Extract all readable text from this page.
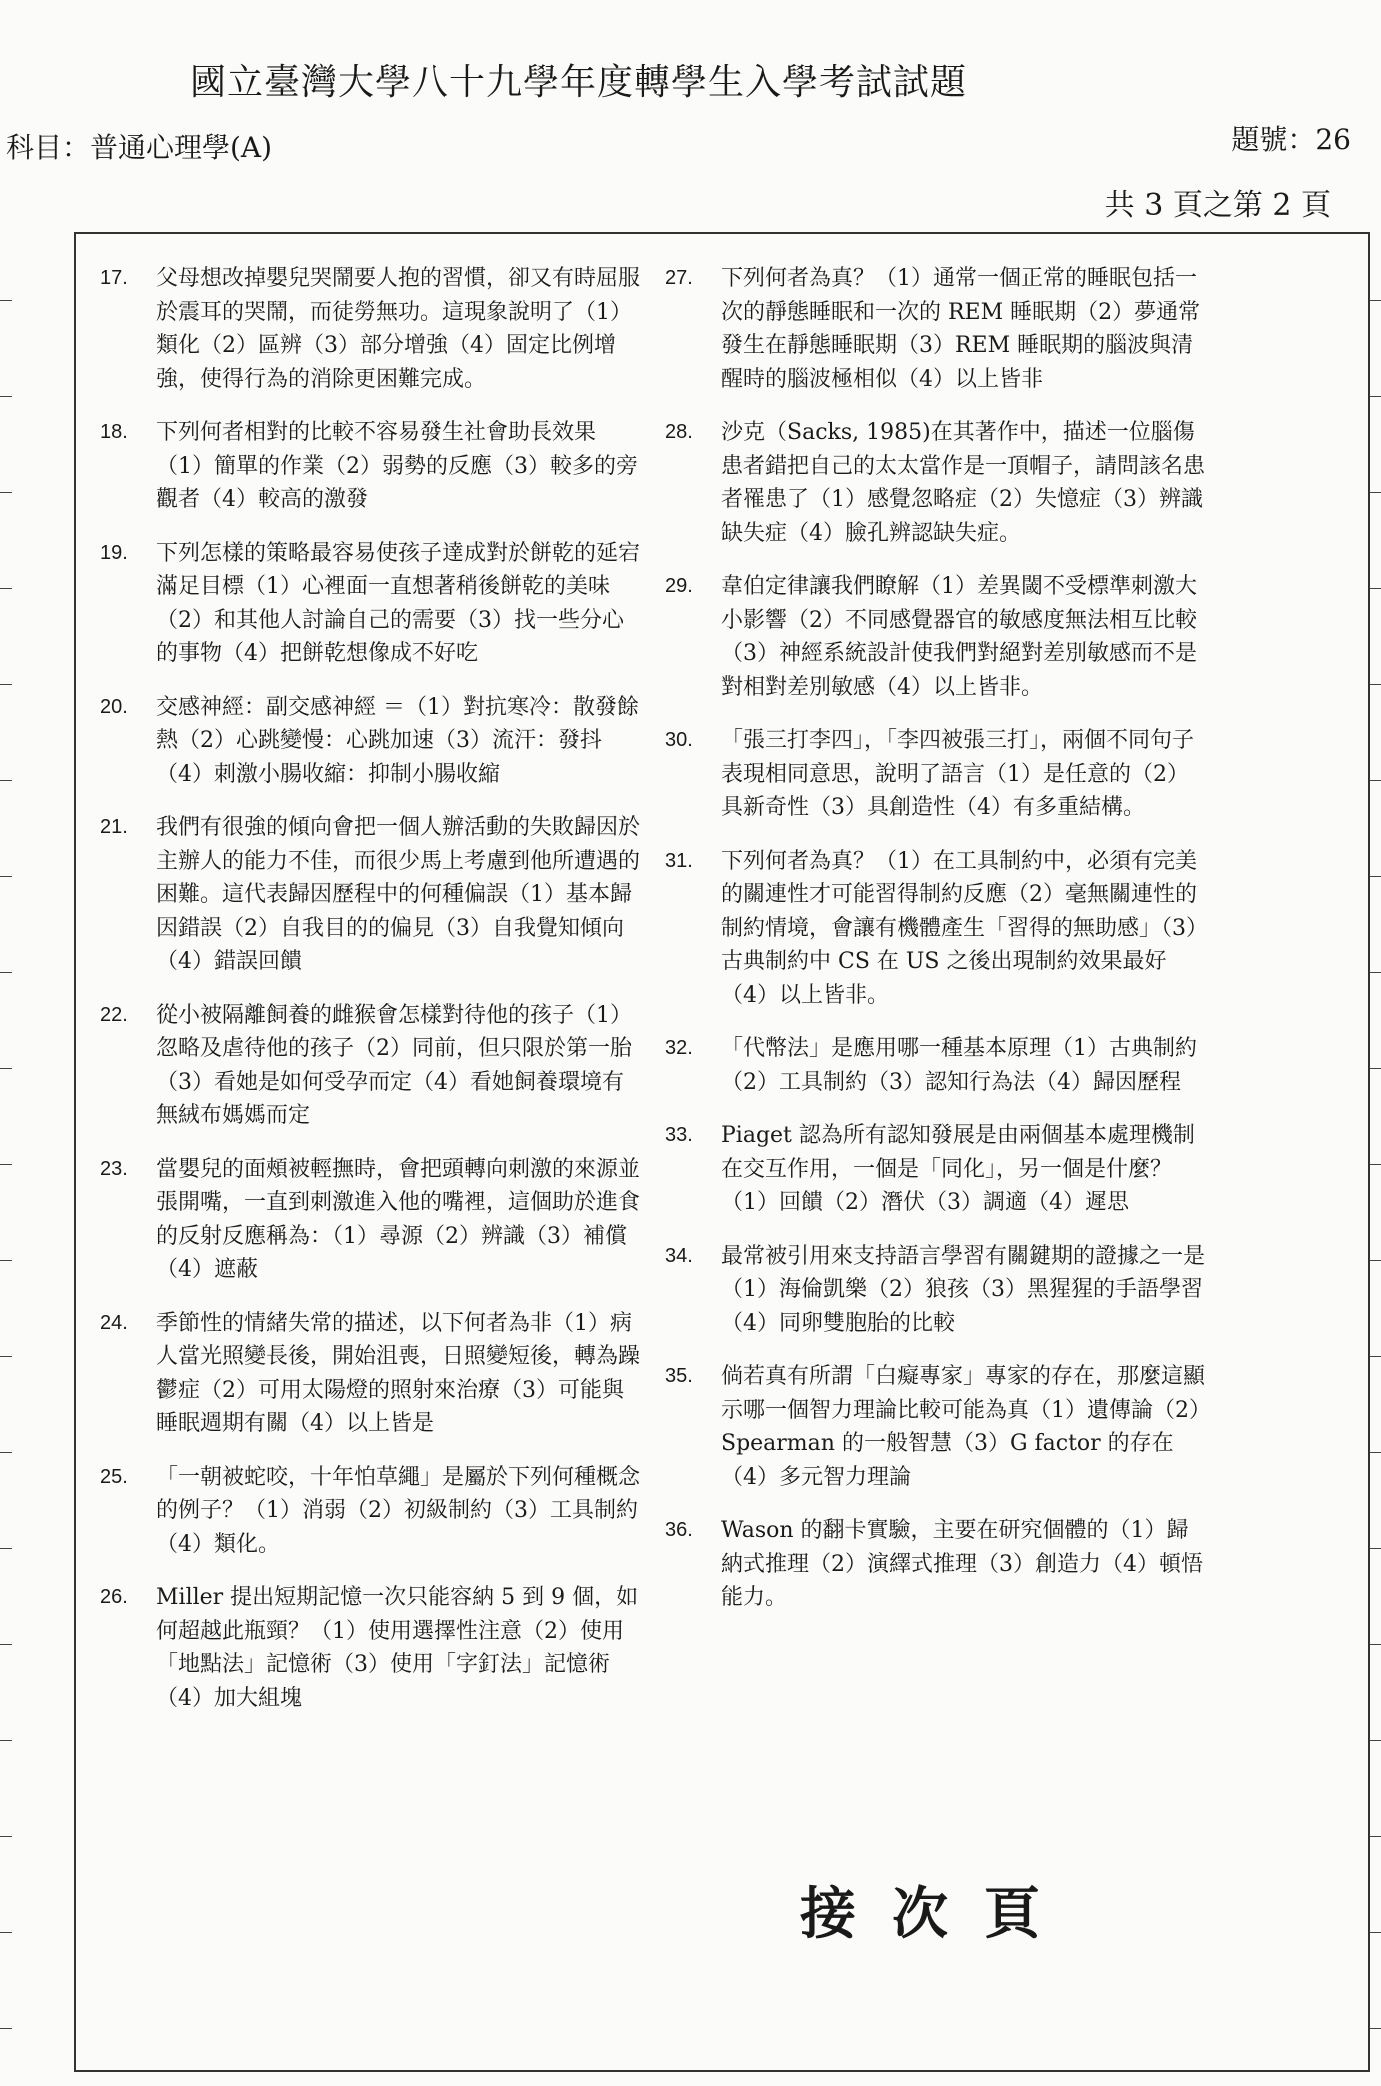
國立臺灣大學八十九學年度轉學生入學考試試題
科目：普通心理學(A)	題號：26
共 3 頁之第 2 頁
17. 父母想改掉嬰兒哭鬧要人抱的習慣，卻又有時屈服於震耳的哭鬧，而徒勞無功。這現象說明了（1）類化（2）區辨（3）部分增強（4）固定比例增強，使得行為的消除更困難完成。
18. 下列何者相對的比較不容易發生社會助長效果（1）簡單的作業（2）弱勢的反應（3）較多的旁觀者（4）較高的激發
19. 下列怎樣的策略最容易使孩子達成對於餅乾的延宕滿足目標（1）心裡面一直想著稍後餅乾的美味（2）和其他人討論自己的需要（3）找一些分心的事物（4）把餅乾想像成不好吃
20. 交感神經：副交感神經 ＝（1）對抗寒冷：散發餘熱（2）心跳變慢：心跳加速（3）流汗：發抖（4）刺激小腸收縮：抑制小腸收縮
21. 我們有很強的傾向會把一個人辦活動的失敗歸因於主辦人的能力不佳，而很少馬上考慮到他所遭遇的困難。這代表歸因歷程中的何種偏誤（1）基本歸因錯誤（2）自我目的的偏見（3）自我覺知傾向（4）錯誤回饋
22. 從小被隔離飼養的雌猴會怎樣對待他的孩子（1）忽略及虐待他的孩子（2）同前，但只限於第一胎（3）看她是如何受孕而定（4）看她飼養環境有無絨布媽媽而定
23. 當嬰兒的面頰被輕撫時，會把頭轉向刺激的來源並張開嘴，一直到刺激進入他的嘴裡，這個助於進食的反射反應稱為：（1）尋源（2）辨識（3）補償（4）遮蔽
24. 季節性的情緒失常的描述，以下何者為非（1）病人當光照變長後，開始沮喪，日照變短後，轉為躁鬱症（2）可用太陽燈的照射來治療（3）可能與睡眠週期有關（4）以上皆是
25. 「一朝被蛇咬，十年怕草繩」是屬於下列何種概念的例子？（1）消弱（2）初級制約（3）工具制約（4）類化。
26. Miller 提出短期記憶一次只能容納 5 到 9 個，如何超越此瓶頸？（1）使用選擇性注意（2）使用「地點法」記憶術（3）使用「字釘法」記憶術（4）加大組塊
27. 下列何者為真？（1）通常一個正常的睡眠包括一次的靜態睡眠和一次的 REM 睡眠期（2）夢通常發生在靜態睡眠期（3）REM 睡眠期的腦波與清醒時的腦波極相似（4）以上皆非
28. 沙克（Sacks, 1985)在其著作中，描述一位腦傷患者錯把自己的太太當作是一頂帽子，請問該名患者罹患了（1）感覺忽略症（2）失憶症（3）辨識缺失症（4）臉孔辨認缺失症。
29. 韋伯定律讓我們瞭解（1）差異閾不受標準刺激大小影響（2）不同感覺器官的敏感度無法相互比較（3）神經系統設計使我們對絕對差別敏感而不是對相對差別敏感（4）以上皆非。
30. 「張三打李四」，「李四被張三打」，兩個不同句子表現相同意思，說明了語言（1）是任意的（2）具新奇性（3）具創造性（4）有多重結構。
31. 下列何者為真？（1）在工具制約中，必須有完美的關連性才可能習得制約反應（2）毫無關連性的制約情境，會讓有機體產生「習得的無助感」（3）古典制約中 CS 在 US 之後出現制約效果最好（4）以上皆非。
32. 「代幣法」是應用哪一種基本原理（1）古典制約（2）工具制約（3）認知行為法（4）歸因歷程
33. Piaget 認為所有認知發展是由兩個基本處理機制在交互作用，一個是「同化」，另一個是什麼？（1）回饋（2）潛伏（3）調適（4）遲思
34. 最常被引用來支持語言學習有關鍵期的證據之一是（1）海倫凱樂（2）狼孩（3）黑猩猩的手語學習（4）同卵雙胞胎的比較
35. 倘若真有所謂「白癡專家」專家的存在，那麼這顯示哪一個智力理論比較可能為真（1）遺傳論（2）Spearman 的一般智慧（3）G factor 的存在（4）多元智力理論
36. Wason 的翻卡實驗，主要在研究個體的（1）歸納式推理（2）演繹式推理（3）創造力（4）頓悟能力。
接次頁
